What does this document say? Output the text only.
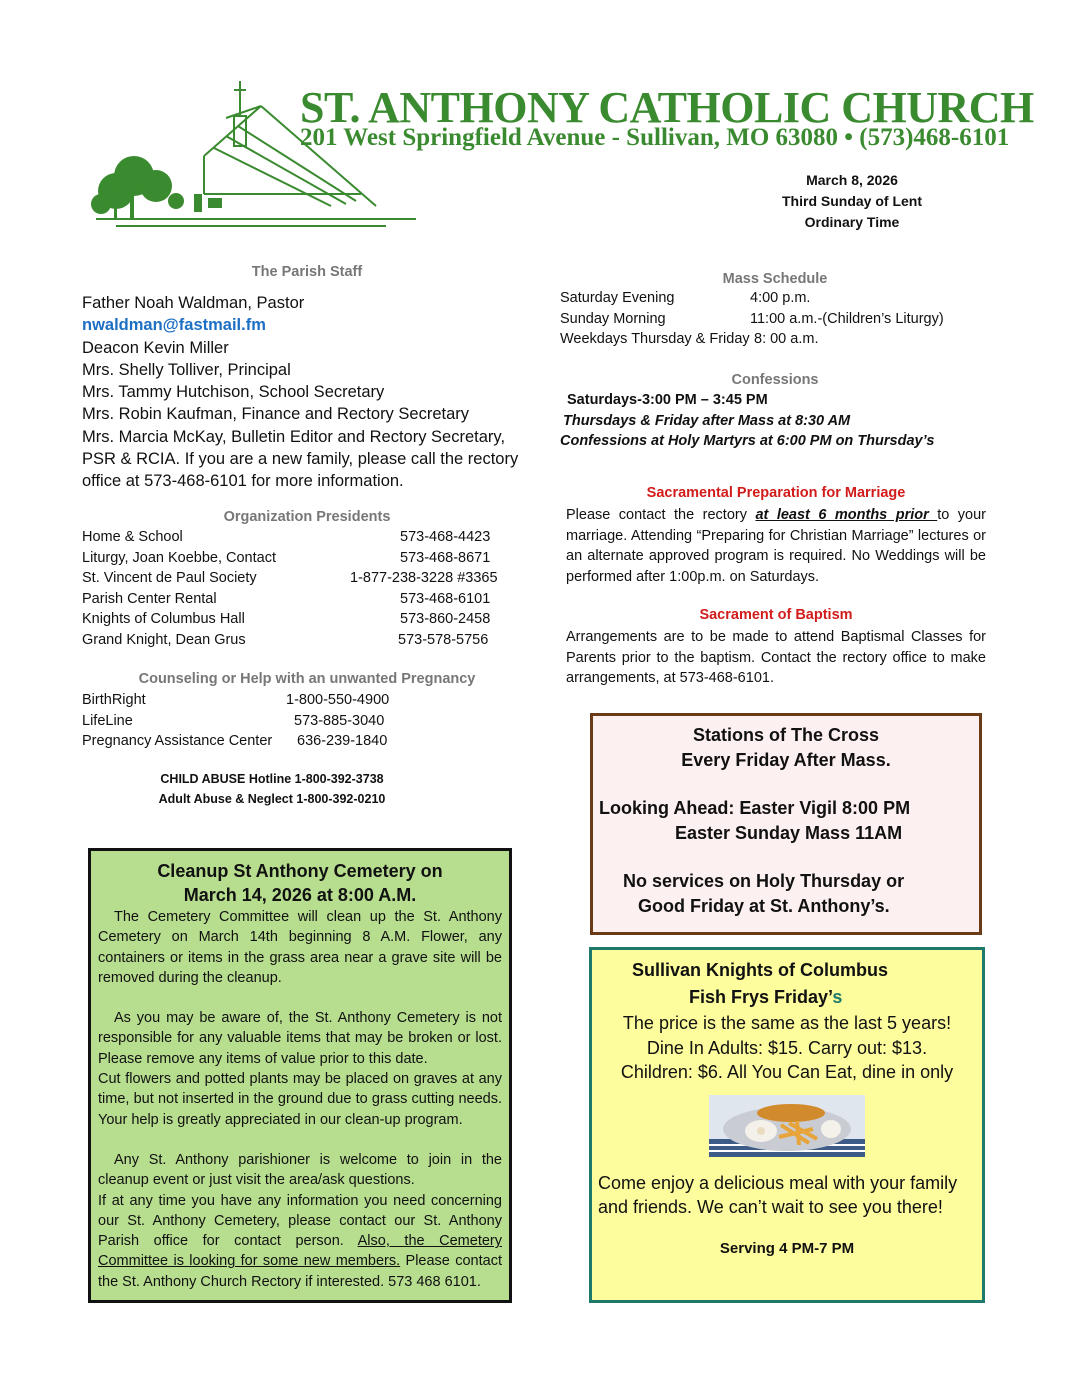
ST. ANTHONY CATHOLIC CHURCH
201 West Springfield Avenue - Sullivan, MO 63080 • (573)468-6101
March 8, 2026
Third Sunday of Lent
Ordinary Time
The Parish Staff
Father Noah Waldman, Pastor
nwaldman@fastmail.fm
Deacon Kevin Miller
Mrs. Shelly Tolliver, Principal
Mrs. Tammy Hutchison, School Secretary
Mrs. Robin Kaufman, Finance and Rectory Secretary
Mrs. Marcia McKay, Bulletin Editor and Rectory Secretary,
PSR & RCIA. If you are a new family, please call the rectory
office at 573-468-6101 for more information.
Organization Presidents
Home & School	573-468-4423
Liturgy, Joan Koebbe, Contact	573-468-8671
St. Vincent de Paul Society	1-877-238-3228 #3365
Parish Center Rental	573-468-6101
Knights of Columbus Hall	573-860-2458
Grand Knight, Dean Grus	573-578-5756
Counseling or Help with an unwanted Pregnancy
BirthRight	1-800-550-4900
LifeLine	573-885-3040
Pregnancy Assistance Center	636-239-1840
CHILD ABUSE Hotline 1-800-392-3738
Adult Abuse & Neglect 1-800-392-0210
Mass Schedule
Saturday Evening	4:00 p.m.
Sunday Morning	11:00 a.m.-(Children’s Liturgy)
Weekdays Thursday & Friday 8: 00 a.m.
Confessions
Saturdays-3:00 PM – 3:45 PM
Thursdays & Friday after Mass at 8:30 AM
Confessions at Holy Martyrs at 6:00 PM on Thursday’s
Sacramental Preparation for Marriage
Please contact the rectory at least 6 months prior to your marriage. Attending “Preparing for Christian Marriage” lectures or an alternate approved program is required. No Weddings will be performed after 1:00p.m. on Saturdays.
Sacrament of Baptism
Arrangements are to be made to attend Baptismal Classes for Parents prior to the baptism. Contact the rectory office to make arrangements, at 573-468-6101.
Stations of The Cross
Every Friday After Mass.
Looking Ahead: Easter Vigil 8:00 PM
Easter Sunday Mass 11AM
No services on Holy Thursday or
Good Friday at St. Anthony’s.
Cleanup St Anthony Cemetery on
March 14, 2026 at 8:00 A.M.
The Cemetery Committee will clean up the St. Anthony Cemetery on March 14th beginning 8 A.M. Flower, any containers or items in the grass area near a grave site will be removed during the cleanup.
As you may be aware of, the St. Anthony Cemetery is not responsible for any valuable items that may be broken or lost. Please remove any items of value prior to this date.
Cut flowers and potted plants may be placed on graves at any time, but not inserted in the ground due to grass cutting needs. Your help is greatly appreciated in our clean-up program.
Any St. Anthony parishioner is welcome to join in the cleanup event or just visit the area/ask questions.
If at any time you have any information you need concerning our St. Anthony Cemetery, please contact our St. Anthony Parish office for contact person. Also, the Cemetery Committee is looking for some new members. Please contact the St. Anthony Church Rectory if interested. 573 468 6101.
Sullivan Knights of Columbus
Fish Frys Friday’s
The price is the same as the last 5 years!
Dine In Adults: $15. Carry out: $13.
Children: $6. All You Can Eat, dine in only
Come enjoy a delicious meal with your family and friends. We can’t wait to see you there!
Serving 4 PM-7 PM
